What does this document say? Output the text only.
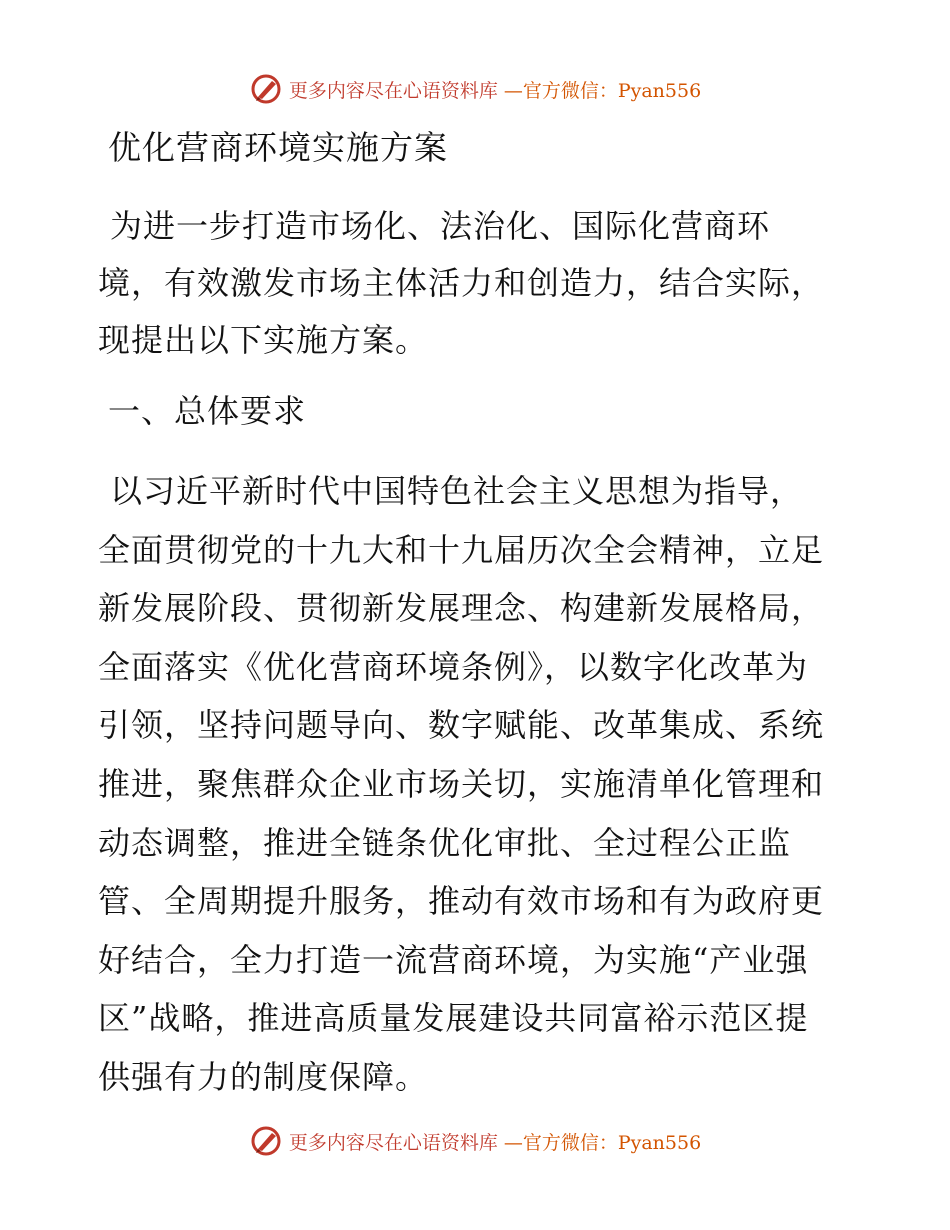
更多内容尽在心语资料库 —官方微信：Pyan556
优化营商环境实施方案
为进一步打造市场化、法治化、国际化营商环
境，有效激发市场主体活力和创造力，结合实际，
现提出以下实施方案。
一、总体要求
以习近平新时代中国特色社会主义思想为指导，
全面贯彻党的十九大和十九届历次全会精神，立足
新发展阶段、贯彻新发展理念、构建新发展格局，
全面落实《优化营商环境条例》，以数字化改革为
引领，坚持问题导向、数字赋能、改革集成、系统
推进，聚焦群众企业市场关切，实施清单化管理和
动态调整，推进全链条优化审批、全过程公正监
管、全周期提升服务，推动有效市场和有为政府更
好结合，全力打造一流营商环境，为实施“产业强
区”战略，推进高质量发展建设共同富裕示范区提
供强有力的制度保障。
更多内容尽在心语资料库 —官方微信：Pyan556
